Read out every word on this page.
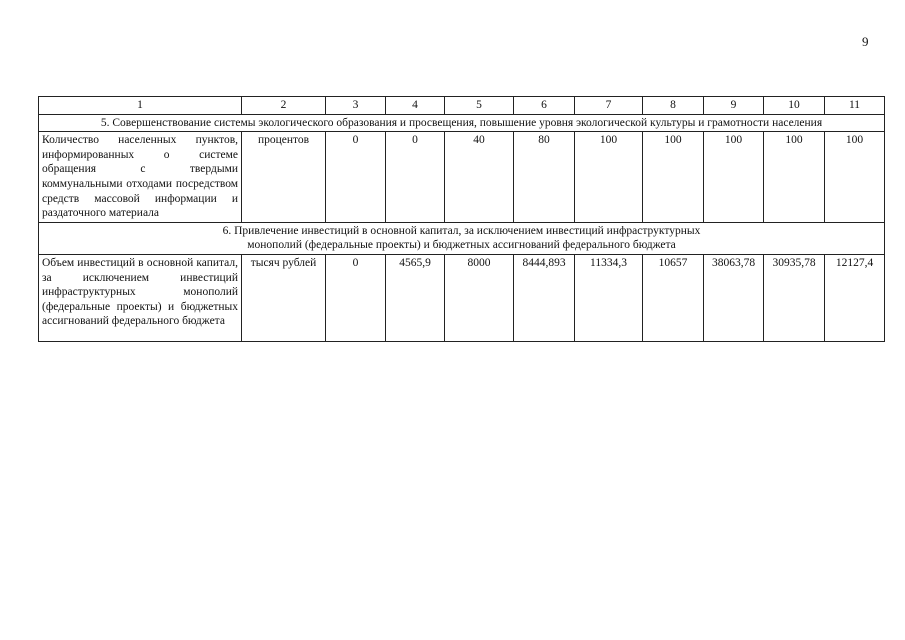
9
1	2	3	4	5	6	7	8	9	10	11
5. Совершенствование системы экологического образования и просвещения, повышение уровня экологической культуры и грамотности населения										
Количество населенных пунктов, информированных о системе обращения с твердыми коммунальными отходами посредством средств массовой информации и раздаточного материала	процентов	0	0	40	80	100	100	100	100	100
6. Привлечение инвестиций в основной капитал, за исключением инвестиций инфраструктурных
монополий (федеральные проекты) и бюджетных ассигнований федерального бюджета										
Объем инвестиций в основной капитал, за исключением инвестиций инфраструктурных монополий (федеральные проекты) и бюджетных ассигнований федерального бюджета	тысяч рублей	0	4565,9	8000	8444,893	11334,3	10657	38063,78	30935,78	12127,4
